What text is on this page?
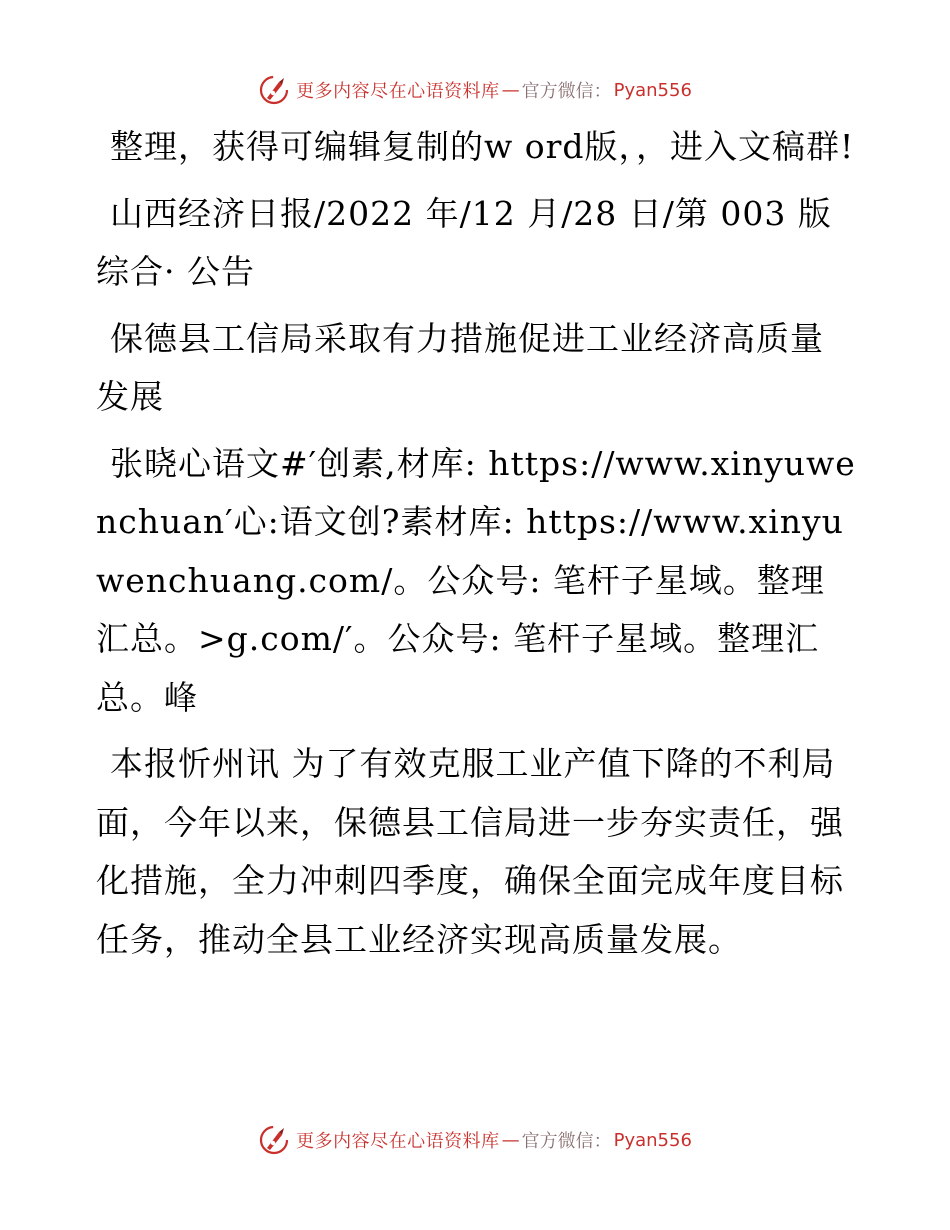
更多内容尽在心语资料库 — 官方微信： Pyan556

整理，获得可编辑复制的w ord版，，进入文稿群!

山西经济日报/2022 年/12 月/28 日/第 003 版综合· 公告

保德县工信局采取有力措施促进工业经济高质量发展

张晓心语文#′创素,材库: https://www.xinyuwenchuan′心:语文创?素材库: https://www.xinyuwenchuang.com/。公众号: 笔杆子星域。整理汇总。>g.com/′。公众号: 笔杆子星域。整理汇总。峰

本报忻州讯 为了有效克服工业产值下降的不利局面，今年以来，保德县工信局进一步夯实责任，强化措施，全力冲刺四季度，确保全面完成年度目标任务，推动全县工业经济实现高质量发展。

更多内容尽在心语资料库 — 官方微信： Pyan556
